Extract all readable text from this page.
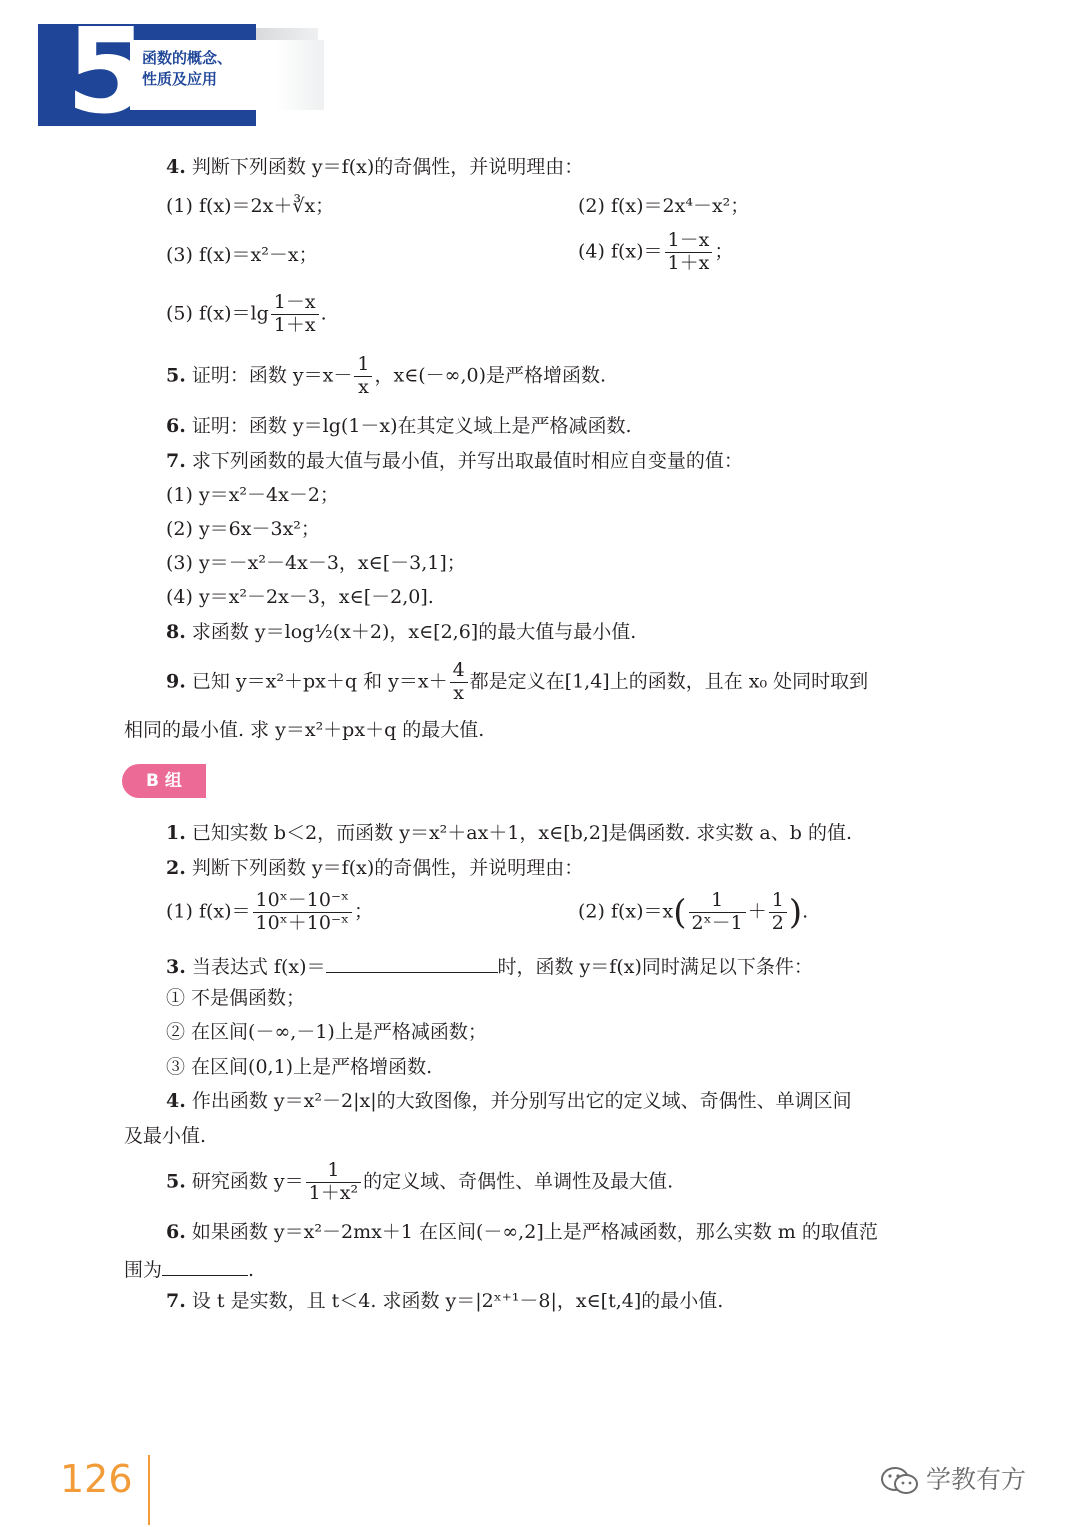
5
函数的概念、
性质及应用
4. 判断下列函数 y＝f(x)的奇偶性，并说明理由：
(1) f(x)＝2x＋∛x；	(2) f(x)＝2x⁴－x²；
(3) f(x)＝x²－x；	(4) $f(x)= \frac{1-x}{1+x}$ ；
(5) $f(x)=\lg \frac{1-x}{1+x}$ .
5. 证明：函数 $y=x- \frac{1}{x}$ ，x∈(－∞,0)是严格增函数.
6. 证明：函数 y＝lg(1－x)在其定义域上是严格减函数.
7. 求下列函数的最大值与最小值，并写出取最值时相应自变量的值：
(1) y＝x²－4x－2；
(2) y＝6x－3x²；
(3) y＝－x²－4x－3，x∈[－3,1]；
(4) y＝x²－2x－3，x∈[－2,0].
8. 求函数 y＝log½(x＋2)，x∈[2,6]的最大值与最小值.
9. 已知 y＝x²＋px＋q 和 $y=x+ \frac{4}{x}$ 都是定义在[1,4]上的函数，且在 x₀ 处同时取到
相同的最小值. 求 y＝x²＋px＋q 的最大值.
B 组
1. 已知实数 b＜2，而函数 y＝x²＋ax＋1，x∈[b,2]是偶函数. 求实数 a、b 的值.
2. 判断下列函数 y＝f(x)的奇偶性，并说明理由：
(1) $f(x)= \frac{\text{10ˣ－10⁻ˣ}}{\text{10ˣ＋10⁻ˣ}}$ ；	(2) $f(x)=x( \frac{1}{\text{2ˣ－1}} + \frac{1}{2}$ ).
3. 当表达式 f(x)＝	时，函数 y＝f(x)同时满足以下条件：
① 不是偶函数；
② 在区间(－∞,－1)上是严格减函数；
③ 在区间(0,1)上是严格增函数.
4. 作出函数 y＝x²－2|x|的大致图像，并分别写出它的定义域、奇偶性、单调区间
及最小值.
5. 研究函数 $y= \frac{1}{\text{1＋x²}}$ 的定义域、奇偶性、单调性及最大值.
6. 如果函数 y＝x²－2mx＋1 在区间(－∞,2]上是严格减函数，那么实数 m 的取值范
围为	.
7. 设 t 是实数，且 t＜4. 求函数 y＝|2ˣ⁺¹－8|，x∈[t,4]的最小值.
126	学教有方
